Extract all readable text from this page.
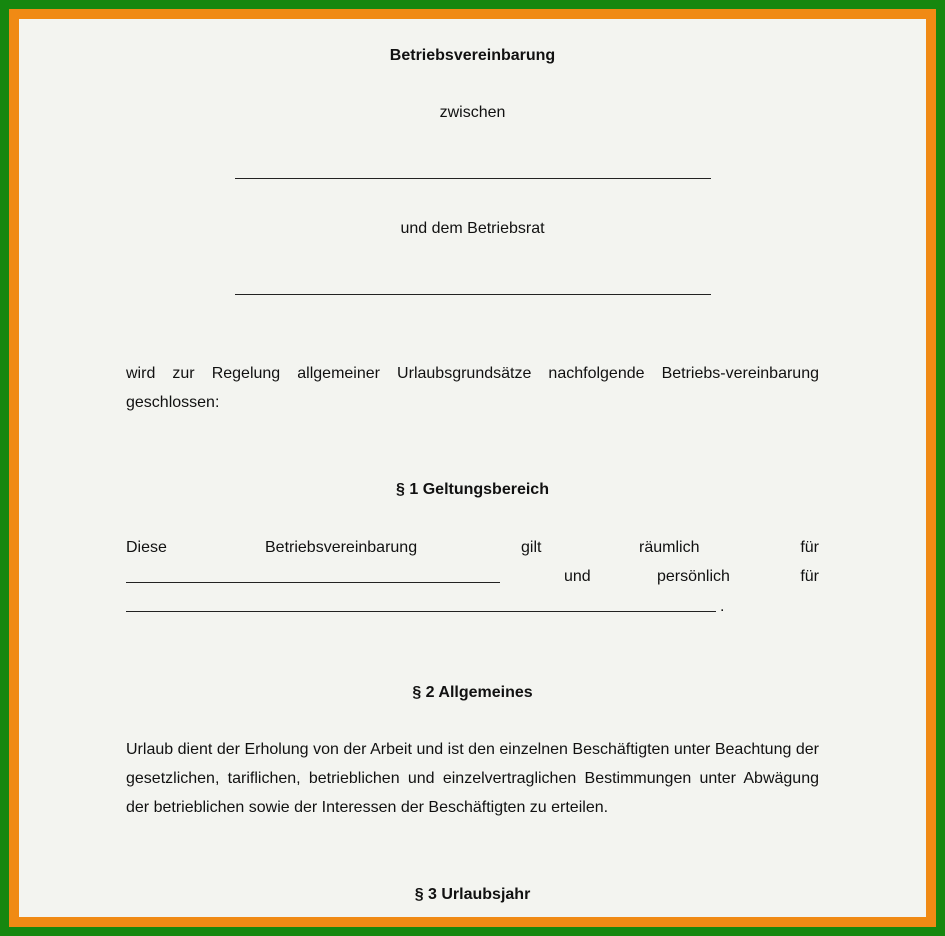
Betriebsvereinbarung
zwischen
und dem Betriebsrat
wird zur Regelung allgemeiner Urlaubsgrundsätze nachfolgende Betriebs-vereinbarung geschlossen:
§ 1 Geltungsbereich
Diese	Betriebsvereinbarung	gilt	räumlich	für
und	persönlich	für
.
§ 2 Allgemeines
Urlaub dient der Erholung von der Arbeit und ist den einzelnen Beschäftigten unter Beachtung der gesetzlichen, tariflichen, betrieblichen und einzelvertraglichen Bestimmungen unter Abwägung der betrieblichen sowie der Interessen der Beschäftigten zu erteilen.
§ 3 Urlaubsjahr
